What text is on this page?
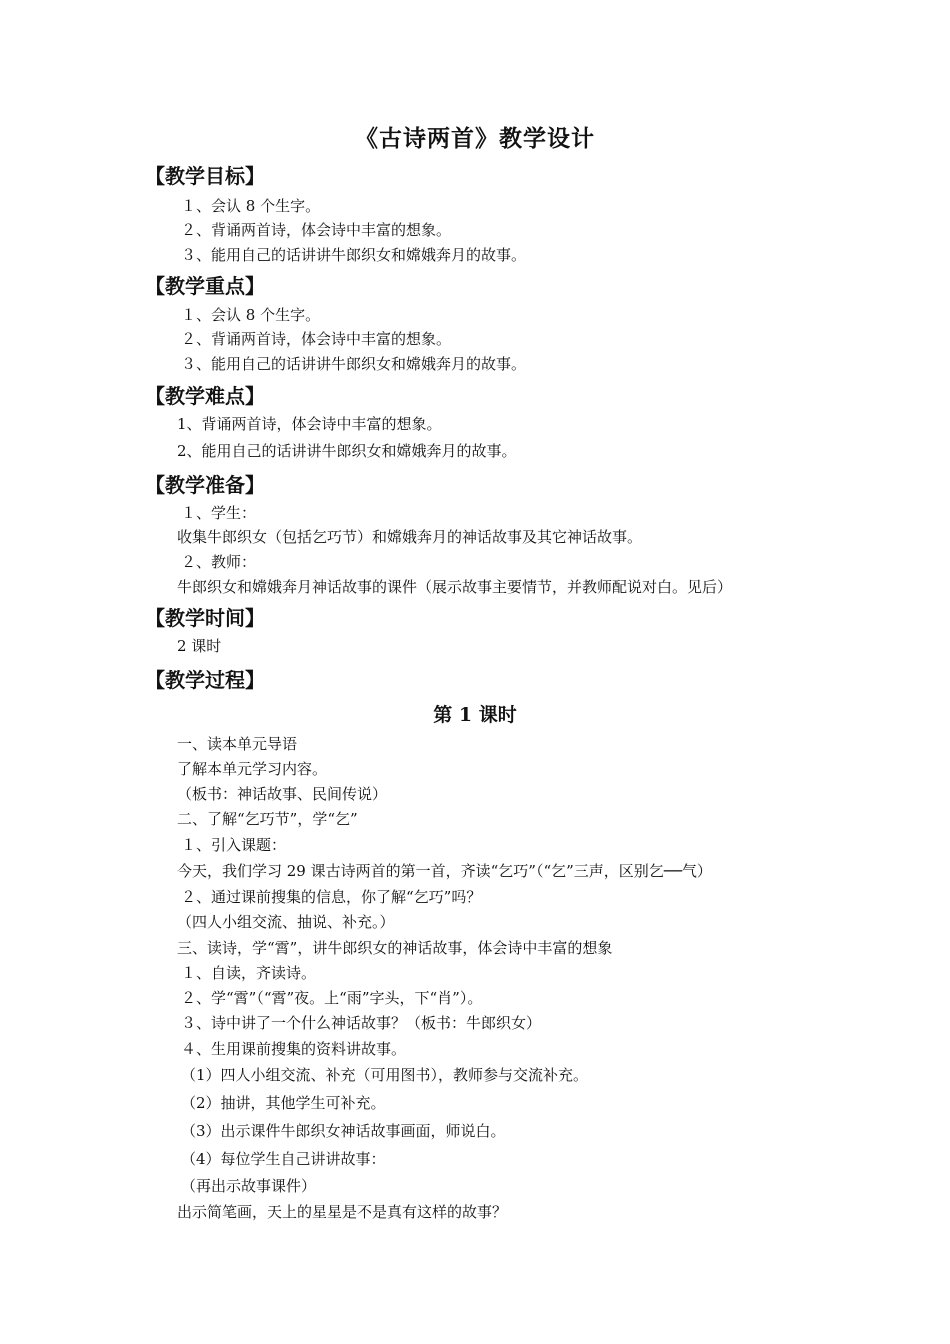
《古诗两首》教学设计
【教学目标】
１、会认 8 个生字。
２、背诵两首诗，体会诗中丰富的想象。
３、能用自己的话讲讲牛郎织女和嫦娥奔月的故事。
【教学重点】
１、会认 8 个生字。
２、背诵两首诗，体会诗中丰富的想象。
３、能用自己的话讲讲牛郎织女和嫦娥奔月的故事。
【教学难点】
1、背诵两首诗，体会诗中丰富的想象。
2、能用自己的话讲讲牛郎织女和嫦娥奔月的故事。
【教学准备】
１、学生：
收集牛郎织女（包括乞巧节）和嫦娥奔月的神话故事及其它神话故事。
２、教师：
牛郎织女和嫦娥奔月神话故事的课件（展示故事主要情节，并教师配说对白。见后）
【教学时间】
2 课时
【教学过程】
第 1 课时
一、读本单元导语
了解本单元学习内容。
（板书：神话故事、民间传说）
二、了解“乞巧节”，学“乞”
１、引入课题：
今天，我们学习 29 课古诗两首的第一首，齐读“乞巧”（“乞”三声，区别乞──气）
２、通过课前搜集的信息，你了解“乞巧”吗？
（四人小组交流、抽说、补充。）
三、读诗，学“霄”，讲牛郎织女的神话故事，体会诗中丰富的想象
１、自读，齐读诗。
２、学“霄”（“霄”夜。上“雨”字头，下“肖”）。
３、诗中讲了一个什么神话故事？（板书：牛郎织女）
４、生用课前搜集的资料讲故事。
（1）四人小组交流、补充（可用图书），教师参与交流补充。
（2）抽讲，其他学生可补充。
（3）出示课件牛郎织女神话故事画面，师说白。
（4）每位学生自己讲讲故事：
（再出示故事课件）
出示简笔画，天上的星星是不是真有这样的故事？
